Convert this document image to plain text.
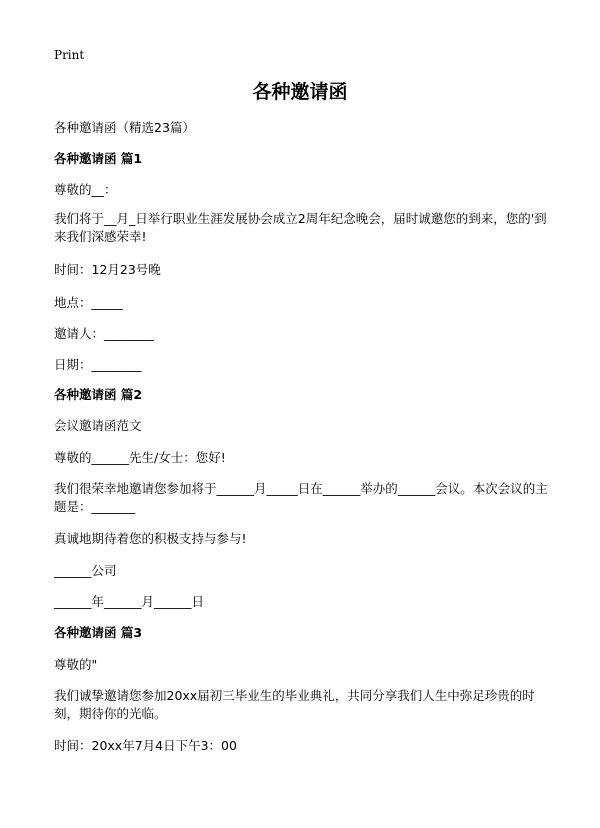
Print
各种邀请函

各种邀请函（精选23篇）

各种邀请函 篇1

尊敬的__：

我们将于__月_日举行职业生涯发展协会成立2周年纪念晚会，届时诚邀您的到来，您的'到来我们深感荣幸!

时间：12月23号晚

地点：_____

邀请人：________

日期：________

各种邀请函 篇2

会议邀请函范文

尊敬的______先生/女士：您好!

我们很荣幸地邀请您参加将于______月_____日在______举办的______会议。本次会议的主题是：_______

真诚地期待着您的积极支持与参与!

______公司

______年______月______日

各种邀请函 篇3

尊敬的"

我们诚挚邀请您参加20xx届初三毕业生的毕业典礼，共同分享我们人生中弥足珍贵的时刻，期待你的光临。

时间：20xx年7月4日下午3：00
